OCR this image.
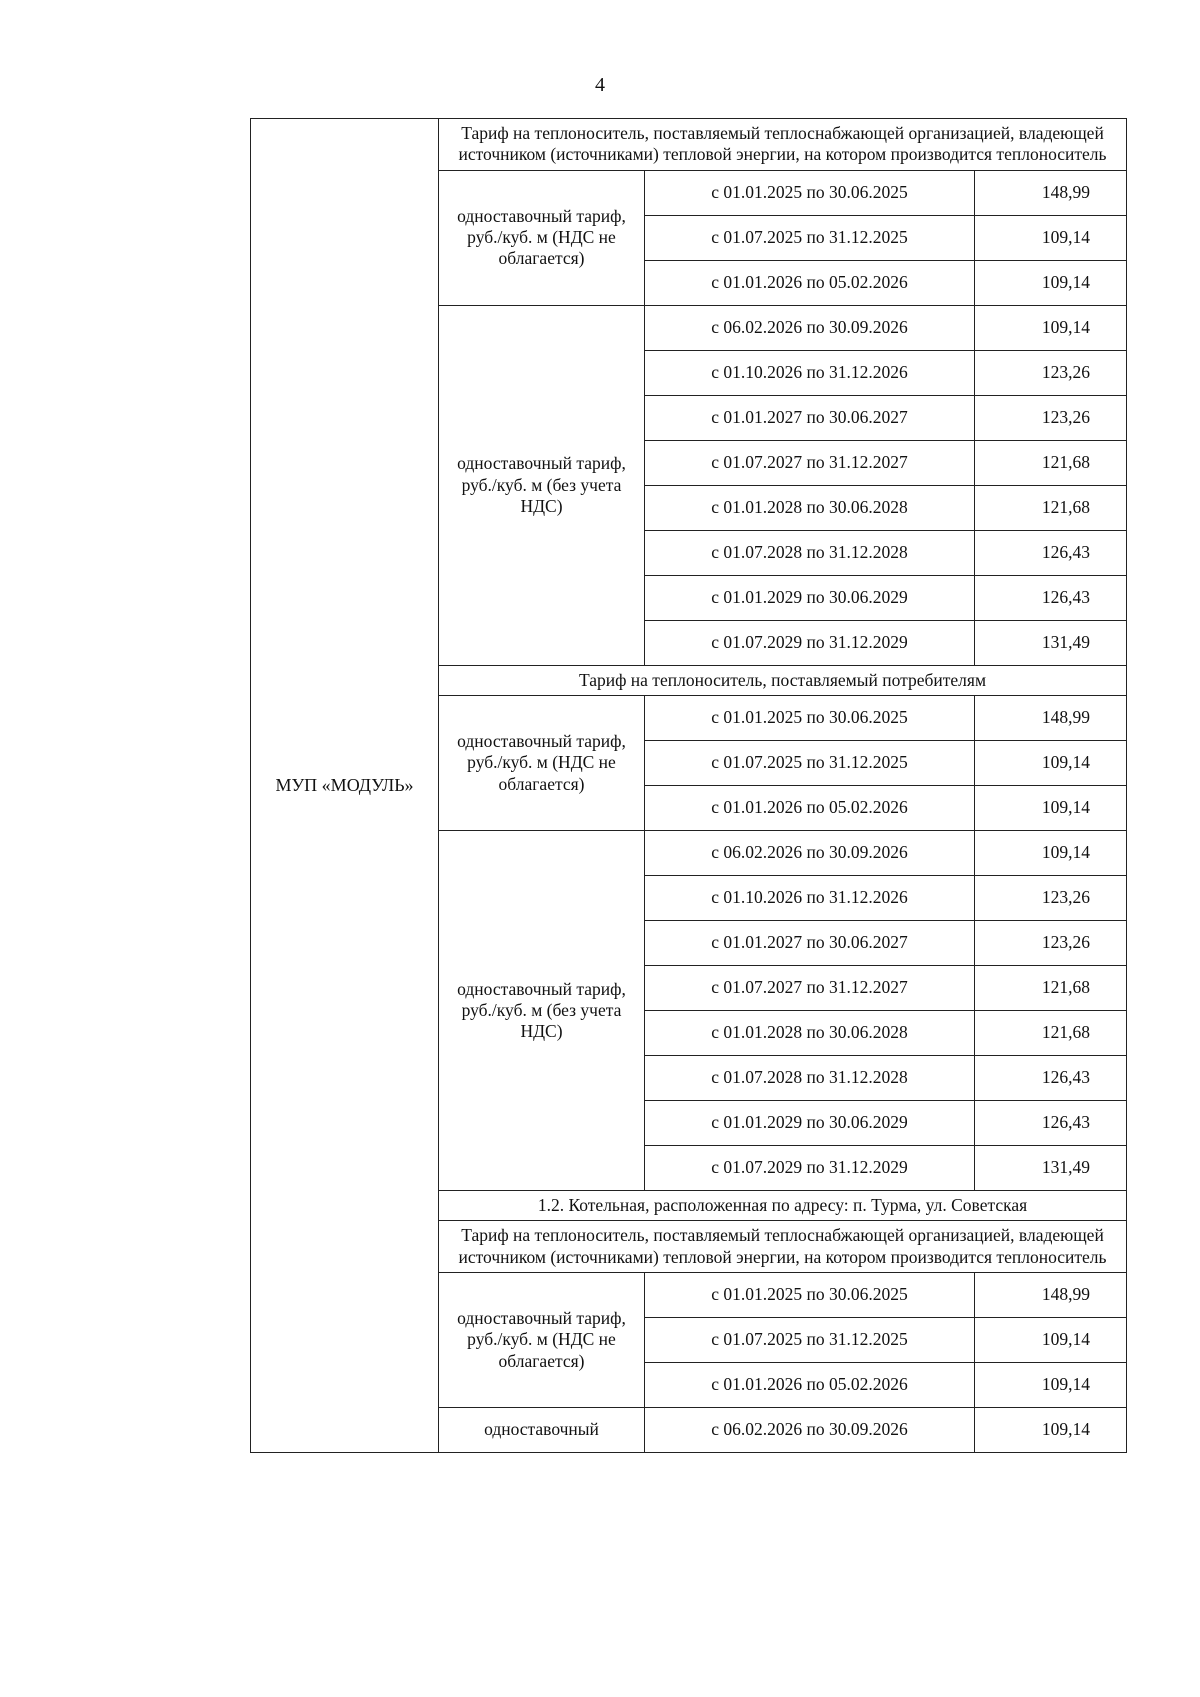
4
МУП «МОДУЛЬ»	Тариф на теплоноситель, поставляемый теплоснабжающей организацией, владеющей источником (источниками) тепловой энергии, на котором производится теплоноситель		
	одноставочный тариф, руб./куб. м (НДС не облагается)	с 01.01.2025 по 30.06.2025	148,99
		с 01.07.2025 по 31.12.2025	109,14
		с 01.01.2026 по 05.02.2026	109,14
	одноставочный тариф, руб./куб. м (без учета НДС)	с 06.02.2026 по 30.09.2026	109,14
		с 01.10.2026 по 31.12.2026	123,26
		с 01.01.2027 по 30.06.2027	123,26
		с 01.07.2027 по 31.12.2027	121,68
		с 01.01.2028 по 30.06.2028	121,68
		с 01.07.2028 по 31.12.2028	126,43
		с 01.01.2029 по 30.06.2029	126,43
		с 01.07.2029 по 31.12.2029	131,49
	Тариф на теплоноситель, поставляемый потребителям		
	одноставочный тариф, руб./куб. м (НДС не облагается)	с 01.01.2025 по 30.06.2025	148,99
		с 01.07.2025 по 31.12.2025	109,14
		с 01.01.2026 по 05.02.2026	109,14
	одноставочный тариф, руб./куб. м (без учета НДС)	с 06.02.2026 по 30.09.2026	109,14
		с 01.10.2026 по 31.12.2026	123,26
		с 01.01.2027 по 30.06.2027	123,26
		с 01.07.2027 по 31.12.2027	121,68
		с 01.01.2028 по 30.06.2028	121,68
		с 01.07.2028 по 31.12.2028	126,43
		с 01.01.2029 по 30.06.2029	126,43
		с 01.07.2029 по 31.12.2029	131,49
	1.2. Котельная, расположенная по адресу: п. Турма, ул. Советская		
	Тариф на теплоноситель, поставляемый теплоснабжающей организацией, владеющей источником (источниками) тепловой энергии, на котором производится теплоноситель		
	одноставочный тариф, руб./куб. м (НДС не облагается)	с 01.01.2025 по 30.06.2025	148,99
		с 01.07.2025 по 31.12.2025	109,14
		с 01.01.2026 по 05.02.2026	109,14
	одноставочный	с 06.02.2026 по 30.09.2026	109,14
